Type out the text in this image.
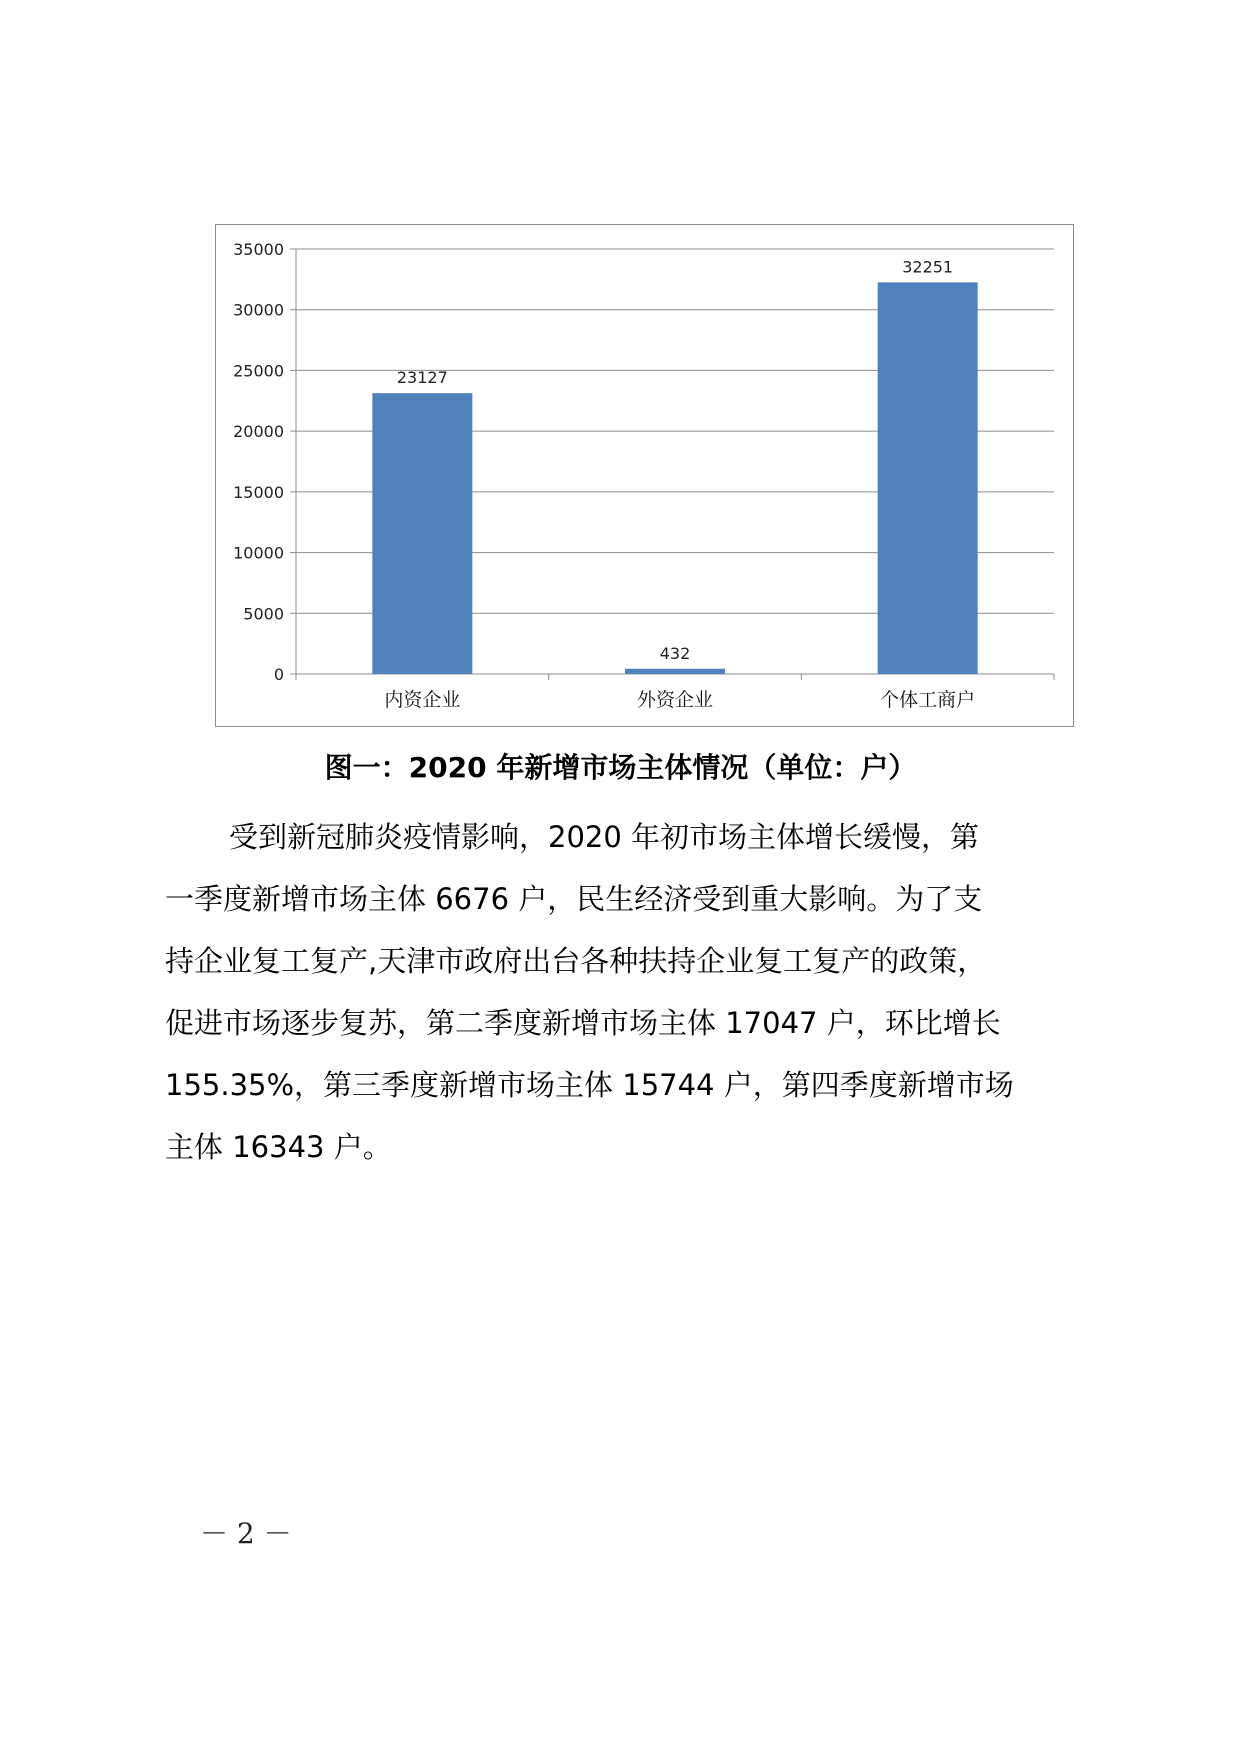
0
5000
10000
15000
20000
25000
30000
35000
23127
内资企业
432
外资企业
32251
个体工商户
图一：2020 年新增市场主体情况（单位：户）

受到新冠肺炎疫情影响，2020 年初市场主体增长缓慢，第
一季度新增市场主体 6676 户，民生经济受到重大影响。为了支
持企业复工复产,天津市政府出台各种扶持企业复工复产的政策，
促进市场逐步复苏，第二季度新增市场主体 17047 户，环比增长
155.35%，第三季度新增市场主体 15744 户，第四季度新增市场
主体 16343 户。

－ 2 －
